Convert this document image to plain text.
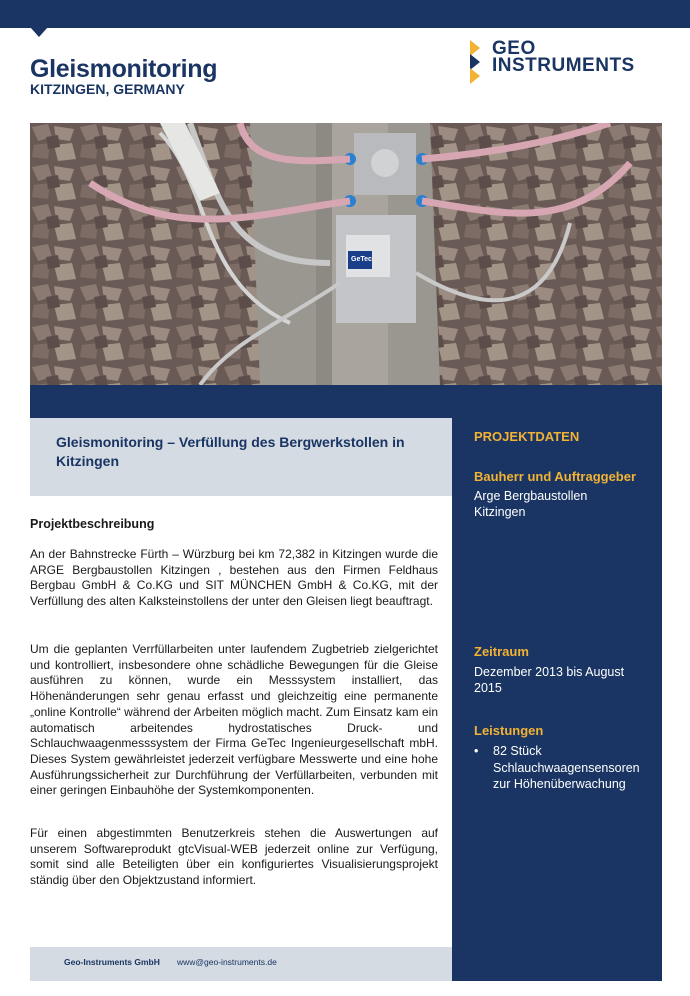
Gleismonitoring
KITZINGEN, GERMANY
GEO
INSTRUMENTS
GeTec
Gleismonitoring – Verfüllung des Bergwerkstollen in Kitzingen
Projektbeschreibung
An der Bahnstrecke Fürth – Würzburg bei km 72,382 in Kitzingen wurde die ARGE Bergbaustollen Kitzingen , bestehen aus den Firmen Feldhaus Bergbau GmbH & Co.KG und SIT MÜNCHEN GmbH & Co.KG, mit der Verfüllung des alten Kalksteinstollens der unter den Gleisen liegt beauftragt.
Um die geplanten Verrfüllarbeiten unter laufendem Zugbetrieb zielgerichtet und kontrolliert, insbesondere ohne schädliche Bewegungen für die Gleise ausführen zu können, wurde ein Messsystem installiert, das Höhenänderungen sehr genau erfasst und gleichzeitig eine permanente „online Kontrolle“ während der Arbeiten möglich macht. Zum Einsatz kam ein automatisch arbeitendes hydrostatisches Druck- und Schlauchwaagenmesssystem der Firma GeTec Ingenieurgesellschaft mbH. Dieses System gewährleistet jederzeit verfügbare Messwerte und eine hohe Ausführungssicherheit zur Durchführung der Verfüllarbeiten, verbunden mit einer geringen Einbauhöhe der Systemkomponenten.
Für einen abgestimmten Benutzerkreis stehen die Auswertungen auf unserem Softwareprodukt gtcVisual-WEB jederzeit online zur Verfügung, somit sind alle Beteiligten über ein konfiguriertes Visualisierungsprojekt ständig über den Objektzustand informiert.
PROJEKTDATEN
Bauherr und Auftraggeber
Arge Bergbaustollen
Kitzingen
Zeitraum
Dezember 2013 bis August
2015
Leistungen
• 82 Stück Schlauchwaagensensoren zur Höhenüberwachung
Geo-Instruments GmbH www@geo-instruments.de
